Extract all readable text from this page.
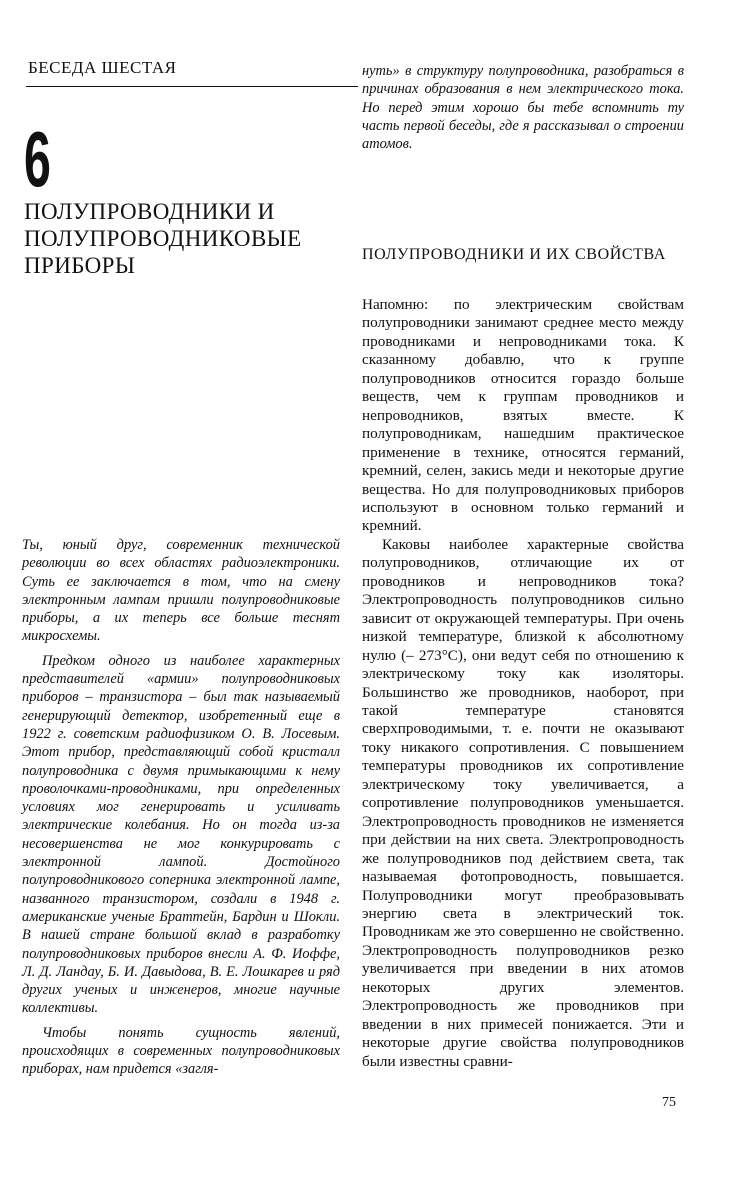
БЕСЕДА ШЕСТАЯ
6
ПОЛУПРОВОДНИКИ И ПОЛУПРОВОДНИКОВЫЕ ПРИБОРЫ

Ты, юный друг, современник технической революции во всех областях радиоэлектроники. Суть ее заключается в том, что на смену электронным лампам пришли полупроводниковые приборы, а их теперь все больше теснят микросхемы.

Предком одного из наиболее характерных представителей «армии» полупроводниковых приборов – транзистора – был так называемый генерирующий детектор, изобретенный еще в 1922 г. советским радиофизиком О. В. Лосевым. Этот прибор, представляющий собой кристалл полупроводника с двумя примыкающими к нему проволочками-проводниками, при определенных условиях мог генерировать и усиливать электрические колебания. Но он тогда из-за несовершенства не мог конкурировать с электронной лампой. Достойного полупроводникового соперника электронной лампе, названного транзистором, создали в 1948 г. американские ученые Браттейн, Бардин и Шокли. В нашей стране большой вклад в разработку полупроводниковых приборов внесли А. Ф. Иоффе, Л. Д. Ландау, Б. И. Давыдова, В. Е. Лошкарев и ряд других ученых и инженеров, многие научные коллективы.

Чтобы понять сущность явлений, происходящих в современных полупроводниковых приборах, нам придется «загля-

нуть» в структуру полупроводника, разобраться в причинах образования в нем электрического тока. Но перед этим хорошо бы тебе вспомнить ту часть первой беседы, где я рассказывал о строении атомов.

ПОЛУПРОВОДНИКИ И ИХ СВОЙСТВА

Напомню: по электрическим свойствам полупроводники занимают среднее место между проводниками и непроводниками тока. К сказанному добавлю, что к группе полупроводников относится гораздо больше веществ, чем к группам проводников и непроводников, взятых вместе. К полупроводникам, нашедшим практическое применение в технике, относятся германий, кремний, селен, закись меди и некоторые другие вещества. Но для полупроводниковых приборов используют в основном только германий и кремний.

Каковы наиболее характерные свойства полупроводников, отличающие их от проводников и непроводников тока? Электропроводность полупроводников сильно зависит от окружающей температуры. При очень низкой температуре, близкой к абсолютному нулю (– 273°С), они ведут себя по отношению к электрическому току как изоляторы. Большинство же проводников, наоборот, при такой температуре становятся сверхпроводимыми, т. е. почти не оказывают току никакого сопротивления. С повышением температуры проводников их сопротивление электрическому току увеличивается, а сопротивление полупроводников уменьшается. Электропроводность проводников не изменяется при действии на них света. Электропроводность же полупроводников под действием света, так называемая фотопроводность, повышается. Полупроводники могут преобразовывать энергию света в электрический ток. Проводникам же это совершенно не свойственно. Электропроводность полупроводников резко увеличивается при введении в них атомов некоторых других элементов. Электропроводность же проводников при введении в них примесей понижается. Эти и некоторые другие свойства полупроводников были известны сравни-

75
